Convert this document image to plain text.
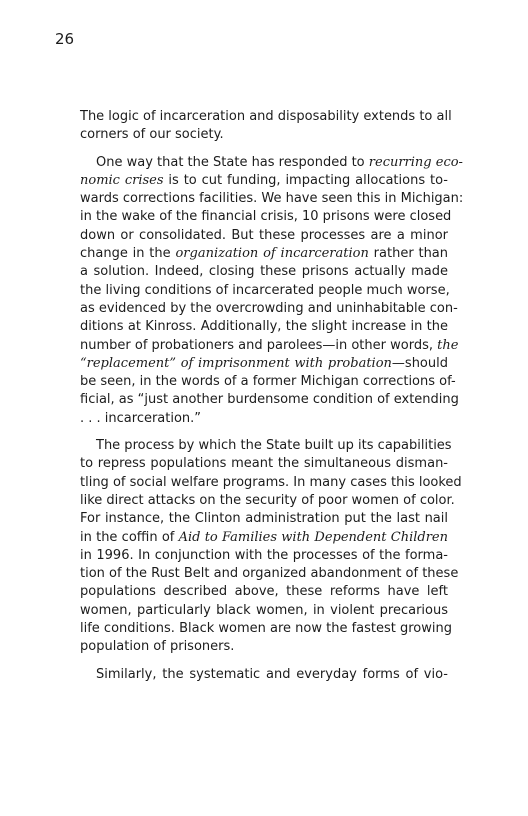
26
The logic of incarceration and disposability extends to all
corners of our society.
One way that the State has responded to recurring eco-
nomic crises is to cut funding, impacting allocations to-
wards corrections facilities. We have seen this in Michigan:
in the wake of the financial crisis, 10 prisons were closed
down or consolidated. But these processes are a minor
change in the organization of incarceration rather than
a solution. Indeed, closing these prisons actually made
the living conditions of incarcerated people much worse,
as evidenced by the overcrowding and uninhabitable con-
ditions at Kinross. Additionally, the slight increase in the
number of probationers and parolees—in other words, the
“replacement” of imprisonment with probation—should
be seen, in the words of a former Michigan corrections of-
ficial, as “just another burdensome condition of extending
. . . incarceration.”
The process by which the State built up its capabilities
to repress populations meant the simultaneous disman-
tling of social welfare programs. In many cases this looked
like direct attacks on the security of poor women of color.
For instance, the Clinton administration put the last nail
in the coffin of Aid to Families with Dependent Children
in 1996. In conjunction with the processes of the forma-
tion of the Rust Belt and organized abandonment of these
populations described above, these reforms have left
women, particularly black women, in violent precarious
life conditions. Black women are now the fastest growing
population of prisoners.
Similarly, the systematic and everyday forms of vio-
